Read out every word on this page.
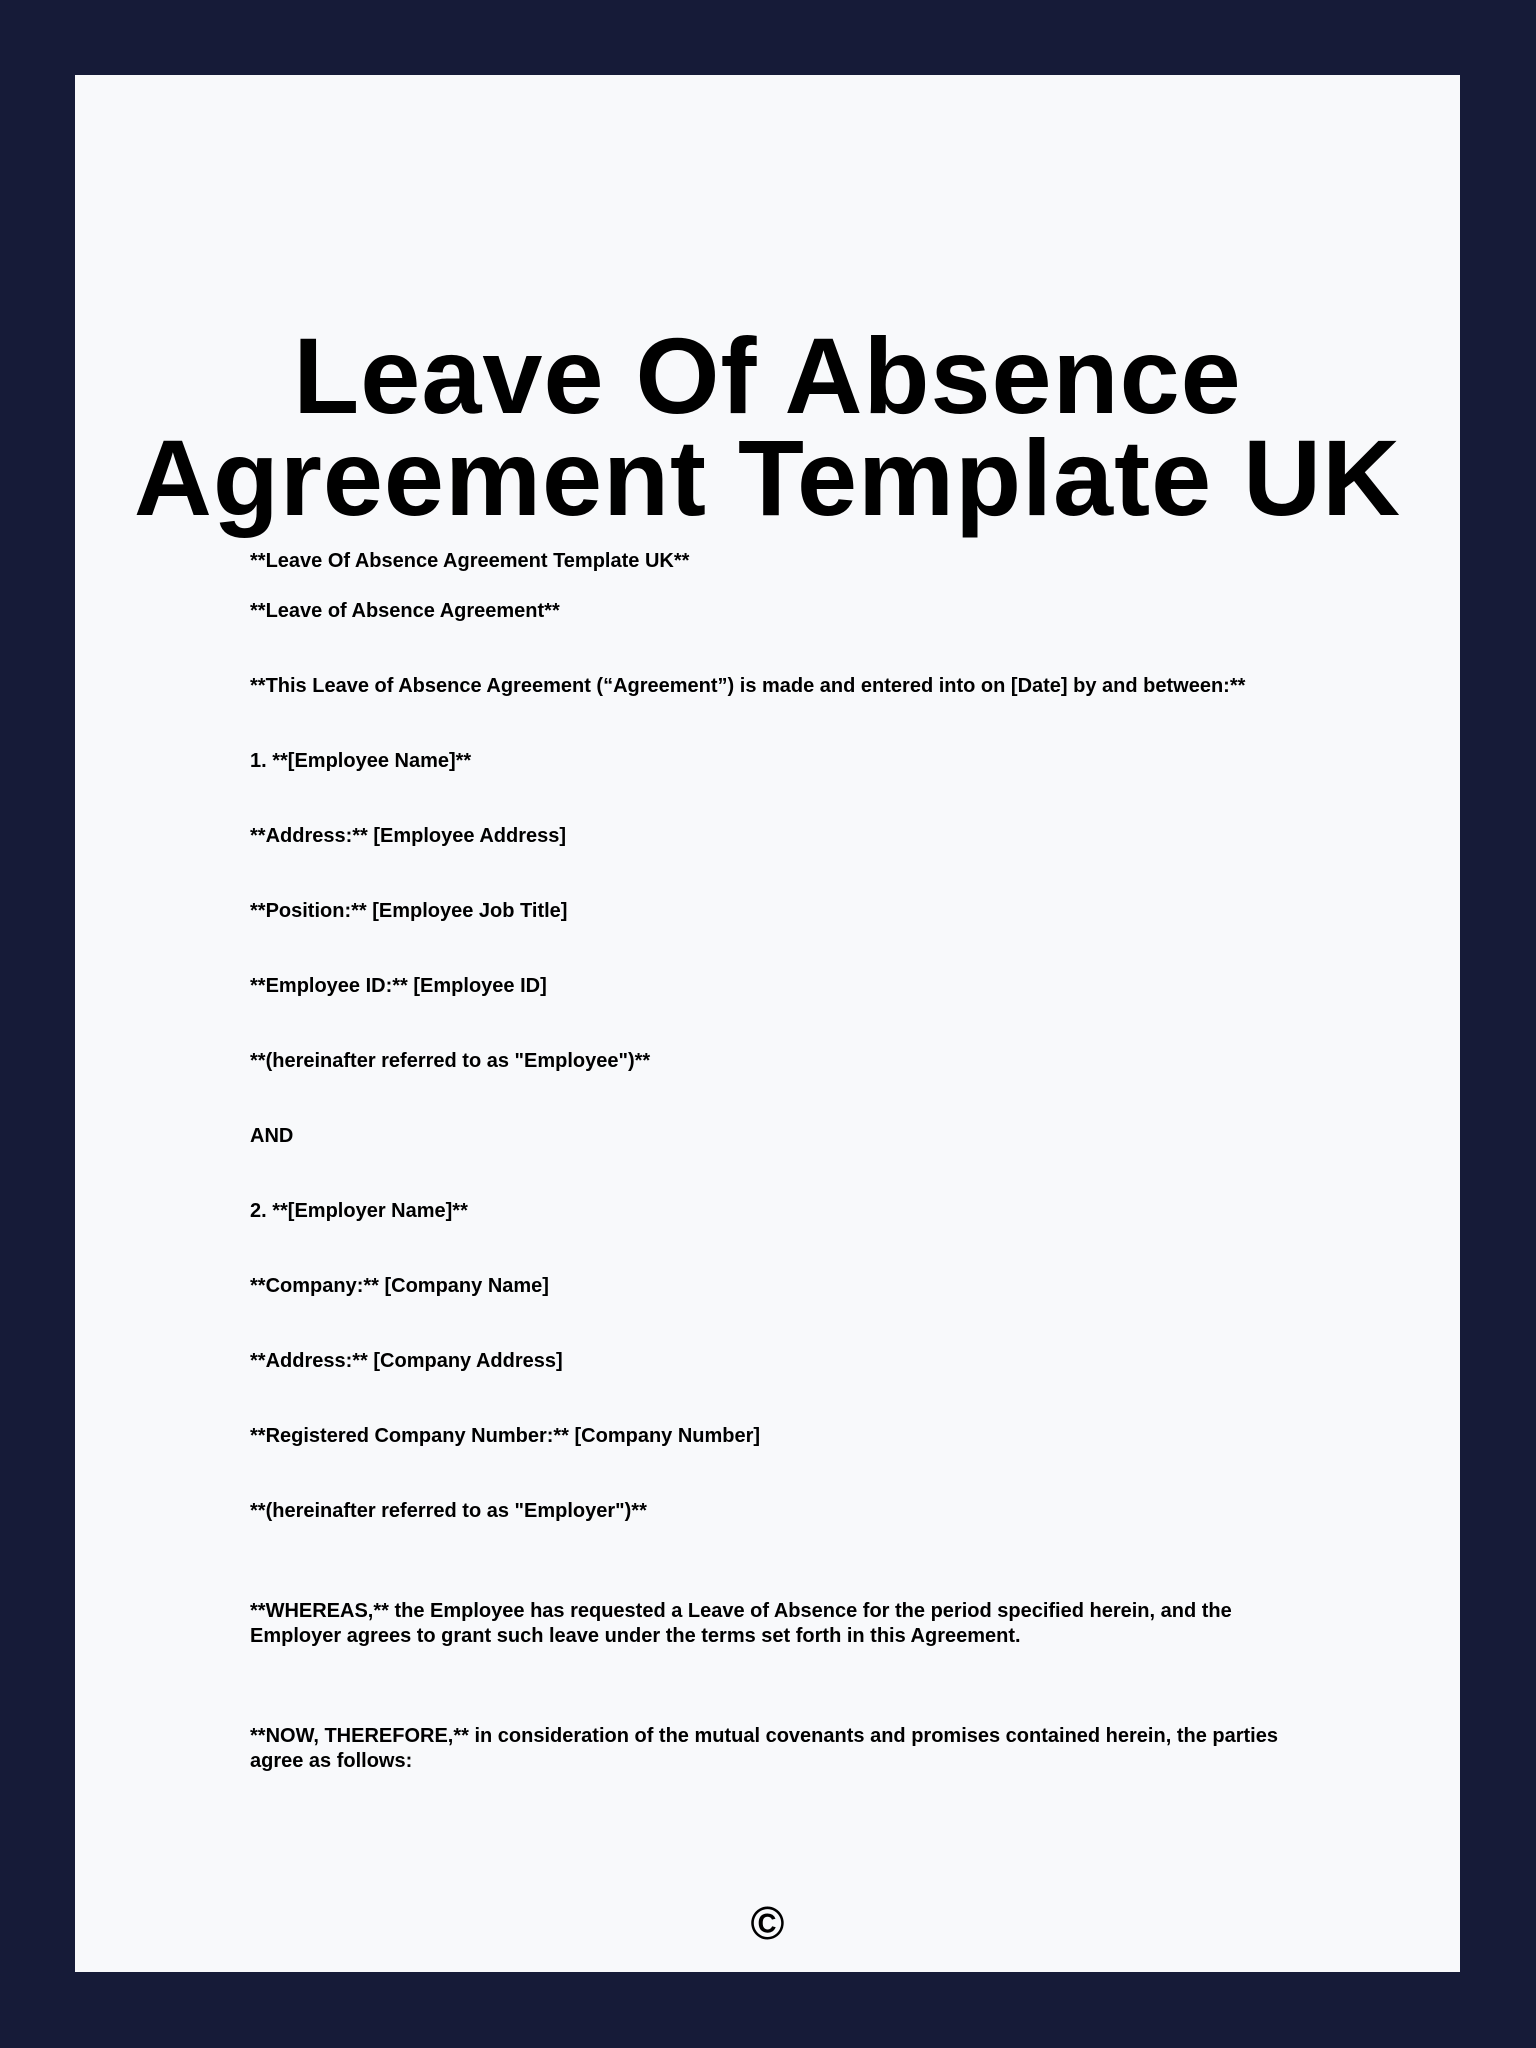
Leave Of Absence
Agreement Template UK

**Leave Of Absence Agreement Template UK**

**Leave of Absence Agreement**

**This Leave of Absence Agreement (“Agreement”) is made and entered into on [Date] by and between:**

1. **[Employee Name]**

**Address:** [Employee Address]

**Position:** [Employee Job Title]

**Employee ID:** [Employee ID]

**(hereinafter referred to as "Employee")**

AND

2. **[Employer Name]**

**Company:** [Company Name]

**Address:** [Company Address]

**Registered Company Number:** [Company Number]

**(hereinafter referred to as "Employer")**

**WHEREAS,** the Employee has requested a Leave of Absence for the period specified herein, and the Employer agrees to grant such leave under the terms set forth in this Agreement.

**NOW, THEREFORE,** in consideration of the mutual covenants and promises contained herein, the parties agree as follows:

©
